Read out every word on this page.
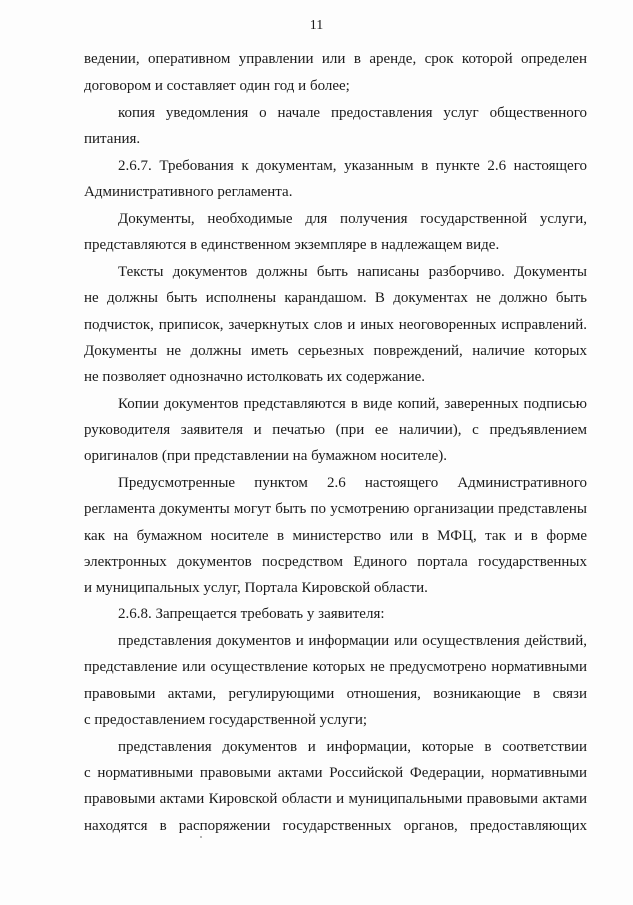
11
ведении, оперативном управлении или в аренде, срок которой определен
договором и составляет один год и более;
копия уведомления о начале предоставления услуг общественного
питания.
2.6.7. Требования к документам, указанным в пункте 2.6 настоящего
Административного регламента.
Документы, необходимые для получения государственной услуги,
представляются в единственном экземпляре в надлежащем виде.
Тексты документов должны быть написаны разборчиво. Документы
не должны быть исполнены карандашом. В документах не должно быть
подчисток, приписок, зачеркнутых слов и иных неоговоренных исправлений.
Документы не должны иметь серьезных повреждений, наличие которых
не позволяет однозначно истолковать их содержание.
Копии документов представляются в виде копий, заверенных подписью
руководителя заявителя и печатью (при ее наличии), с предъявлением
оригиналов (при представлении на бумажном носителе).
Предусмотренные пунктом 2.6 настоящего Административного
регламента документы могут быть по усмотрению организации представлены
как на бумажном носителе в министерство или в МФЦ, так и в форме
электронных документов посредством Единого портала государственных
и муниципальных услуг, Портала Кировской области.
2.6.8. Запрещается требовать у заявителя:
представления документов и информации или осуществления действий,
представление или осуществление которых не предусмотрено нормативными
правовыми актами, регулирующими отношения, возникающие в связи
с предоставлением государственной услуги;
представления документов и информации, которые в соответствии
с нормативными правовыми актами Российской Федерации, нормативными
правовыми актами Кировской области и муниципальными правовыми актами
находятся в распоряжении государственных органов, предоставляющих
